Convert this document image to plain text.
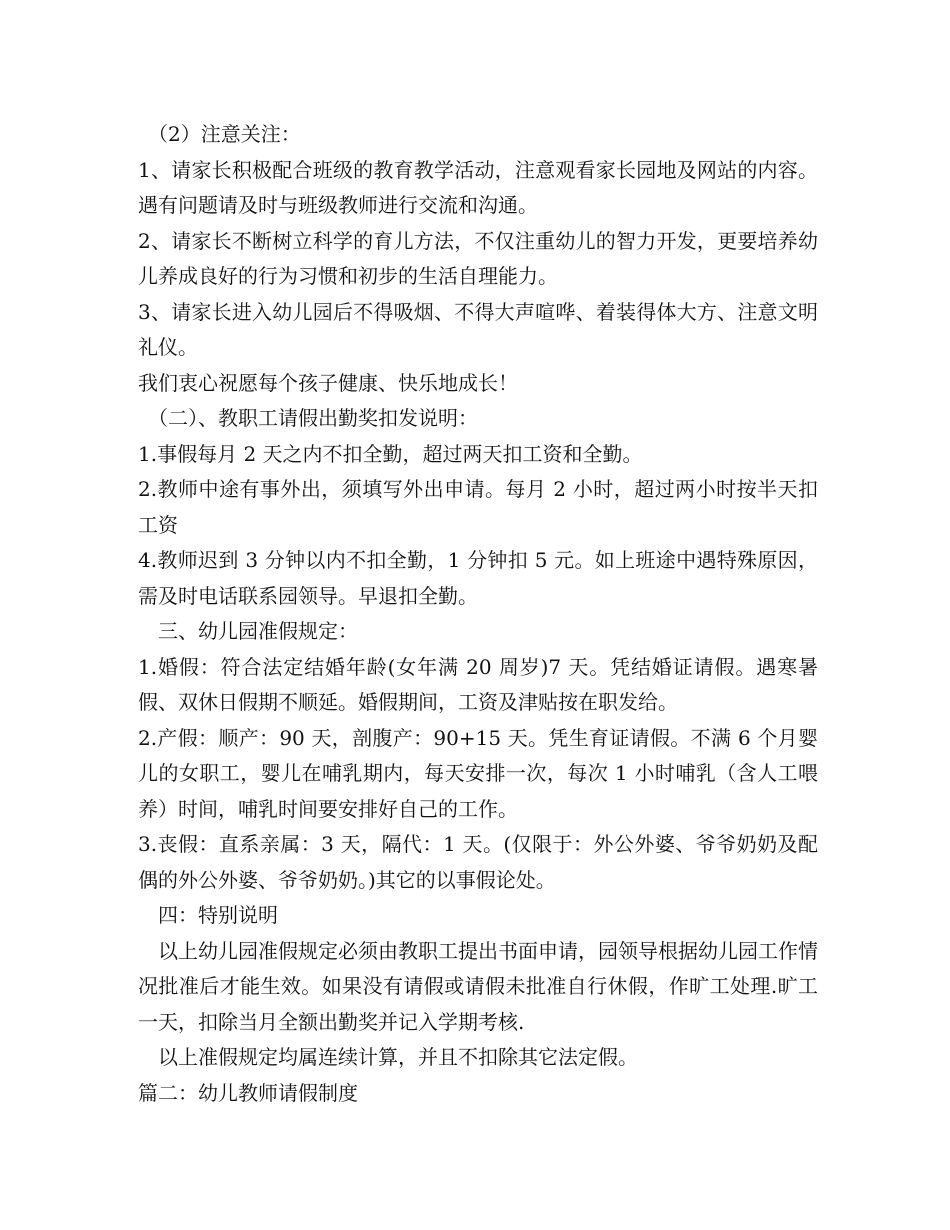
　（2）注意关注：

1、请家长积极配合班级的教育教学活动，注意观看家长园地及网站的内容。遇有问题请及时与班级教师进行交流和沟通。

2、请家长不断树立科学的育儿方法，不仅注重幼儿的智力开发，更要培养幼儿养成良好的行为习惯和初步的生活自理能力。

3、请家长进入幼儿园后不得吸烟、不得大声喧哗、着装得体大方、注意文明礼仪。

我们衷心祝愿每个孩子健康、快乐地成长！

　（二）、教职工请假出勤奖扣发说明：

1.事假每月 2 天之内不扣全勤，超过两天扣工资和全勤。

2.教师中途有事外出，须填写外出申请。每月 2 小时，超过两小时按半天扣工资

4.教师迟到 3 分钟以内不扣全勤，1 分钟扣 5 元。如上班途中遇特殊原因，需及时电话联系园领导。早退扣全勤。

　三、幼儿园准假规定：

1.婚假：符合法定结婚年龄(女年满 20 周岁)7 天。凭结婚证请假。遇寒暑假、双休日假期不顺延。婚假期间，工资及津贴按在职发给。

2.产假：顺产：90 天，剖腹产：90+15 天。凭生育证请假。不满 6 个月婴儿的女职工，婴儿在哺乳期内，每天安排一次，每次 1 小时哺乳（含人工喂养）时间，哺乳时间要安排好自己的工作。

3.丧假：直系亲属：3 天，隔代：1 天。(仅限于：外公外婆、爷爷奶奶及配偶的外公外婆、爷爷奶奶。)其它的以事假论处。

　四：特别说明

　以上幼儿园准假规定必须由教职工提出书面申请，园领导根据幼儿园工作情况批准后才能生效。如果没有请假或请假未批准自行休假，作旷工处理.旷工一天，扣除当月全额出勤奖并记入学期考核.

　以上准假规定均属连续计算，并且不扣除其它法定假。

篇二：幼儿教师请假制度
